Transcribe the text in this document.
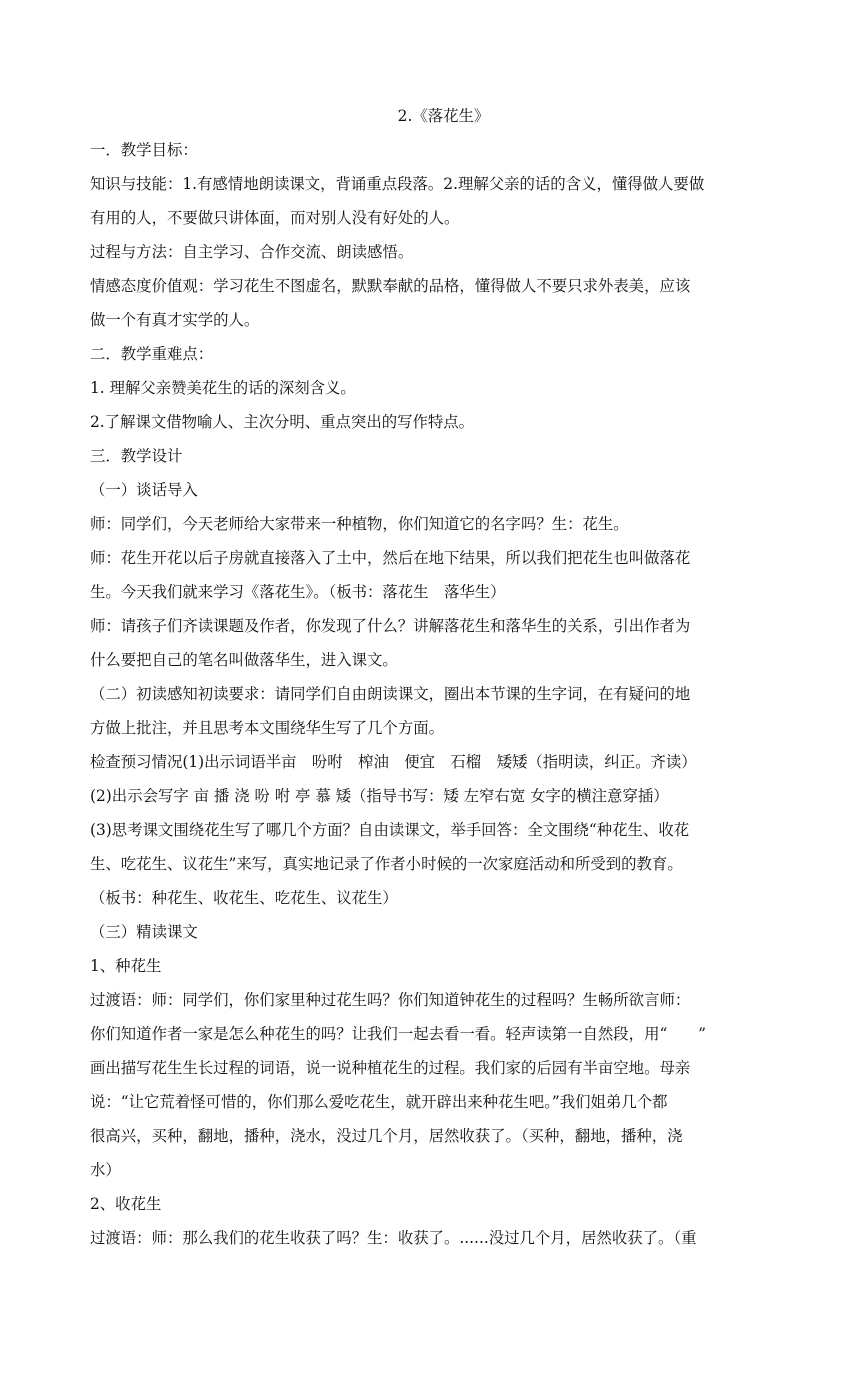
2.《落花生》
一．教学目标：
知识与技能：1.有感情地朗读课文，背诵重点段落。2.理解父亲的话的含义，懂得做人要做
有用的人，不要做只讲体面，而对别人没有好处的人。
过程与方法：自主学习、合作交流、朗读感悟。
情感态度价值观：学习花生不图虚名，默默奉献的品格，懂得做人不要只求外表美，应该
做一个有真才实学的人。
二．教学重难点：
1. 理解父亲赞美花生的话的深刻含义。
2.了解课文借物喻人、主次分明、重点突出的写作特点。
三．教学设计
（一）谈话导入
师：同学们，今天老师给大家带来一种植物，你们知道它的名字吗？生：花生。
师：花生开花以后子房就直接落入了土中，然后在地下结果，所以我们把花生也叫做落花
生。今天我们就来学习《落花生》。（板书：落花生　落华生）
师：请孩子们齐读课题及作者，你发现了什么？讲解落花生和落华生的关系，引出作者为
什么要把自己的笔名叫做落华生，进入课文。
（二）初读感知初读要求：请同学们自由朗读课文，圈出本节课的生字词，在有疑问的地
方做上批注，并且思考本文围绕华生写了几个方面。
检查预习情况(1)出示词语半亩　吩咐　榨油　便宜　石榴　矮矮（指明读，纠正。齐读）
(2)出示会写字 亩 播 浇 吩 咐 亭 慕 矮（指导书写：矮 左窄右宽 女字的横注意穿插）
(3)思考课文围绕花生写了哪几个方面？自由读课文，举手回答：全文围绕“种花生、收花
生、吃花生、议花生”来写，真实地记录了作者小时候的一次家庭活动和所受到的教育。
（板书：种花生、收花生、吃花生、议花生）
（三）精读课文
1、种花生
过渡语：师：同学们，你们家里种过花生吗？你们知道钟花生的过程吗？生畅所欲言师：
你们知道作者一家是怎么种花生的吗？让我们一起去看一看。轻声读第一自然段，用“　　”
画出描写花生生长过程的词语，说一说种植花生的过程。我们家的后园有半亩空地。母亲
说：“让它荒着怪可惜的，你们那么爱吃花生，就开辟出来种花生吧。”我们姐弟几个都
很高兴，买种，翻地，播种，浇水，没过几个月，居然收获了。（买种，翻地，播种，浇
水）
2、收花生
过渡语：师：那么我们的花生收获了吗？生：收获了。......没过几个月，居然收获了。（重
